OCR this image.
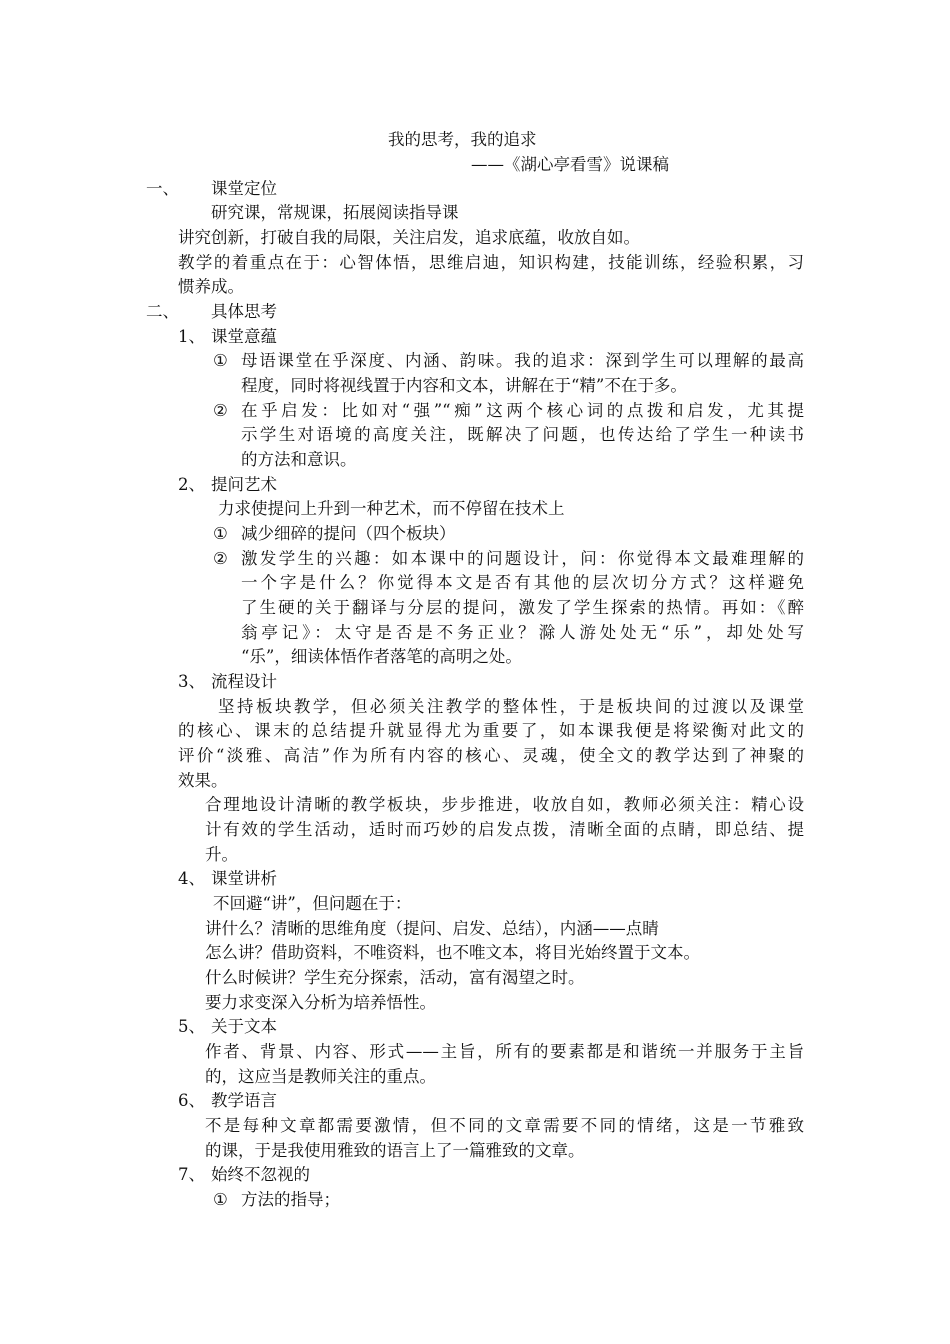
我的思考，我的追求
——《湖心亭看雪》说课稿
一、 课堂定位
研究课，常规课，拓展阅读指导课
讲究创新，打破自我的局限，关注启发，追求底蕴，收放自如。
教学的着重点在于：心智体悟，思维启迪，知识构建，技能训练，经验积累，习
惯养成。
二、 具体思考
1、 课堂意蕴
① 母语课堂在乎深度、内涵、韵味。我的追求：深到学生可以理解的最高
程度，同时将视线置于内容和文本，讲解在于“精”不在于多。
② 在乎启发：比如对“强”“痴”这两个核心词的点拨和启发，尤其提
示学生对语境的高度关注，既解决了问题，也传达给了学生一种读书
的方法和意识。
2、 提问艺术
力求使提问上升到一种艺术，而不停留在技术上
① 减少细碎的提问（四个板块）
② 激发学生的兴趣：如本课中的问题设计，问：你觉得本文最难理解的
一个字是什么？你觉得本文是否有其他的层次切分方式？这样避免
了生硬的关于翻译与分层的提问，激发了学生探索的热情。再如：《醉
翁亭记》：太守是否是不务正业？滁人游处处无“乐”，却处处写
“乐”，细读体悟作者落笔的高明之处。
3、 流程设计
坚持板块教学，但必须关注教学的整体性，于是板块间的过渡以及课堂
的核心、课末的总结提升就显得尤为重要了，如本课我便是将梁衡对此文的
评价“淡雅、高洁”作为所有内容的核心、灵魂，使全文的教学达到了神聚的
效果。
合理地设计清晰的教学板块，步步推进，收放自如，教师必须关注：精心设
计有效的学生活动，适时而巧妙的启发点拨，清晰全面的点睛，即总结、提
升。
4、 课堂讲析
不回避“讲”，但问题在于：
讲什么？清晰的思维角度（提问、启发、总结），内涵——点睛
怎么讲？借助资料，不唯资料，也不唯文本，将目光始终置于文本。
什么时候讲？学生充分探索，活动，富有渴望之时。
要力求变深入分析为培养悟性。
5、 关于文本
作者、背景、内容、形式——主旨，所有的要素都是和谐统一并服务于主旨
的，这应当是教师关注的重点。
6、 教学语言
不是每种文章都需要激情，但不同的文章需要不同的情绪，这是一节雅致
的课，于是我使用雅致的语言上了一篇雅致的文章。
7、 始终不忽视的
① 方法的指导；
